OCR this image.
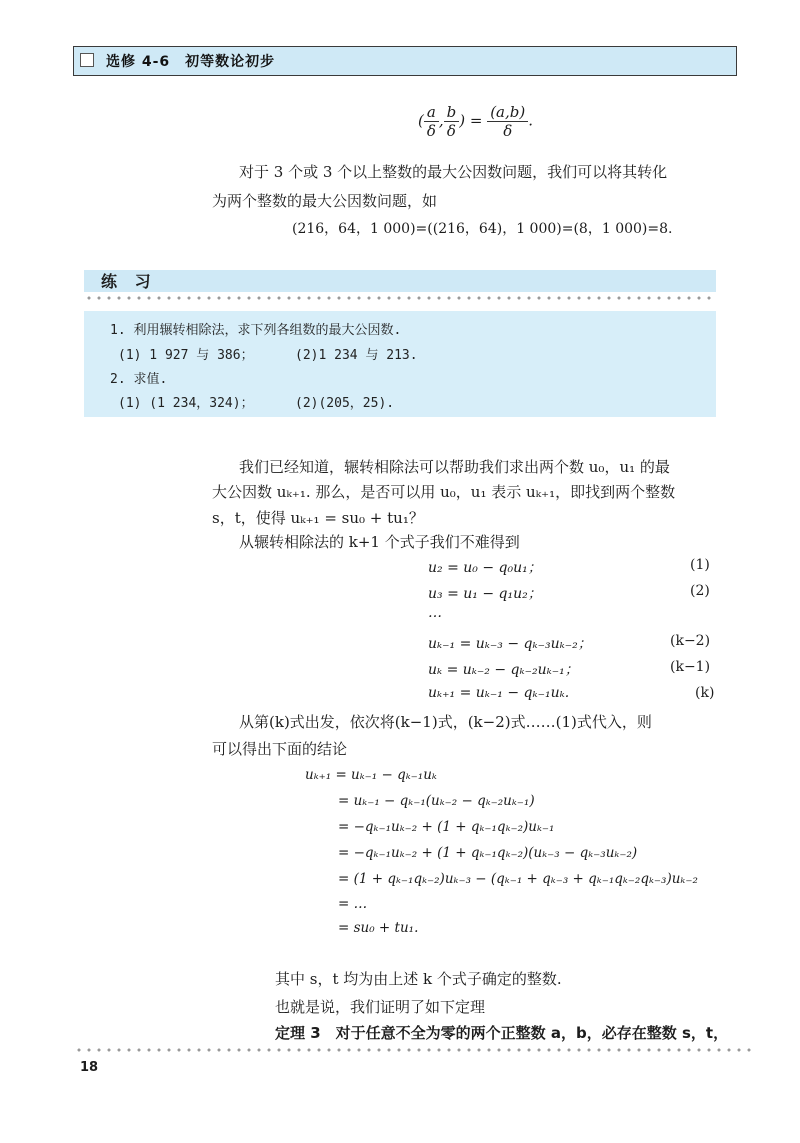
选修 4-6　初等数论初步
( $\frac{a}{\delta}$ , $\frac{b}{\delta}$ ) = $\frac{(a,b)}{\delta}$ .
对于 3 个或 3 个以上整数的最大公因数问题，我们可以将其转化
为两个整数的最大公因数问题，如
(216，64，1 000)=((216，64)，1 000)=(8，1 000)=8.
练 习
1. 利用辗转相除法，求下列各组数的最大公因数.
(1) 1 927 与 386；	(2)1 234 与 213.
2. 求值.
(1) (1 234，324)；	(2)(205，25).
我们已经知道，辗转相除法可以帮助我们求出两个数 u₀，u₁ 的最
大公因数 uₖ₊₁. 那么，是否可以用 u₀，u₁ 表示 uₖ₊₁，即找到两个整数
s，t，使得 uₖ₊₁ = su₀ + tu₁？
从辗转相除法的 k+1 个式子我们不难得到
u₂ = u₀ − q₀u₁；	(1)
u₃ = u₁ − q₁u₂；	(2)
…
uₖ₋₁ = uₖ₋₃ − qₖ₋₃uₖ₋₂；	(k−2)
uₖ = uₖ₋₂ − qₖ₋₂uₖ₋₁；	(k−1)
uₖ₊₁ = uₖ₋₁ − qₖ₋₁uₖ.	(k)
从第(k)式出发，依次将(k−1)式，(k−2)式……(1)式代入，则
可以得出下面的结论
uₖ₊₁ = uₖ₋₁ − qₖ₋₁uₖ
= uₖ₋₁ − qₖ₋₁(uₖ₋₂ − qₖ₋₂uₖ₋₁)
= −qₖ₋₁uₖ₋₂ + (1 + qₖ₋₁qₖ₋₂)uₖ₋₁
= −qₖ₋₁uₖ₋₂ + (1 + qₖ₋₁qₖ₋₂)(uₖ₋₃ − qₖ₋₃uₖ₋₂)
= (1 + qₖ₋₁qₖ₋₂)uₖ₋₃ − (qₖ₋₁ + qₖ₋₃ + qₖ₋₁qₖ₋₂qₖ₋₃)uₖ₋₂
= …
= su₀ + tu₁.
其中 s，t 均为由上述 k 个式子确定的整数.
也就是说，我们证明了如下定理
定理 3　对于任意不全为零的两个正整数 a，b，必存在整数 s，t，
18
